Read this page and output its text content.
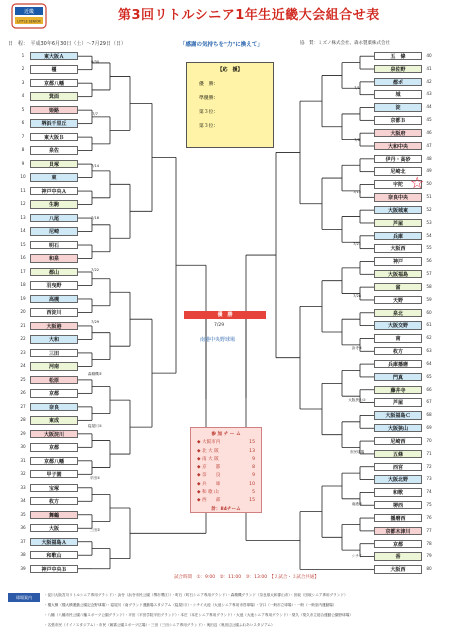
近畿
LITTLE SENIOR	第3回リトルシニア1年生近畿大会組合せ表
日　程：　平成30年6月30日（土）～7月29日（日）	「感謝の気持ちを"力"に換えて」	協　賛：ミズノ株式会社、森永製菓株式会社
東大阪Ａ
1
橿
2
京都八幡
3
箕面
4
姫路
5
堺浜千里丘
6
東大阪Ｂ
7
泉佐
8
貝塚
9
東
10
神戸中央Ａ
11
生駒
12
八尾
13
尼崎
14
明石
15
和泉
16
都山
17
羽曳野
18
高槻
19
西淀川
20
大阪港
21
大和
22
三田
23
河南
24
松原
25
京都
26
奈良
27
東成
28
大阪淀川
29
京都
30
京都八幡
31
甲子園
32
宝塚
33
枚方
34
舞鶴
35
大阪
36
大阪福島Ａ
37
和歌山
38
神戸中央Ｂ
39
五　條	40
泉佐野	41
都ポ	42
城	43
淀	44
京都Ｂ	45
大阪府	46
大和中央	47
伊丹・高砂	48
尼崎北	49
宇陀	50
奈良中央	51
大阪城東	52
芦屋	53
兵庫	54
大阪西	55
神戸	56
大阪福島	57
富	58
天野	59
泉北	60
大阪交野	61
南	62
枚方	63
兵庫播磨	64
門真	65
藤井寺	66
芦屋	67
大阪福島Ｃ	68
大阪狭山	69
尼崎西	70
五條	71
西宮	72
大阪北野	73
和歌	74
堺西	75
播磨西	76
京都木津川	77
京都	78
香	79
大阪西	80
☆
【応　援】
優　勝：
準優勝：
第３位：
第３位：
優　勝
7/29
南港中央野球場
参 加 チ ー ム
◆ 大阪市内	15
◆ 北 大 阪	13
◆ 南 大 阪	9
◆ 京　　都	8
◆ 奈　　良	9
◆ 兵　　庫	10
◆ 和 歌 山	5
◆ 西　　部	15
計：84チーム
試合時間　①：9:00　②：11:00　③：13:00　【２試合・３試合共通】
球場案内	・淀川大阪宮川リトルシニア専用グランド）・浜寺（浜寺市民公園（堺市堺区））・町石（町石シニア専用グランド）・森精機グランド（奈良県大和郡山市）・田坂（田坂シニア専用グランド）
・橿大横（橿大横運動公園記念野球場）・寝屋川（南グランド運動場スタジアム（寝屋川））・シチイ大池（大池シニア専用市営球場）・守口（一般市立球場）・一般（一般室内運動場）
・八幡（八幡市民公園八幡スポーツ公園グランド）・平田（平田学院平田グランド）・本庄（本庄シニア専用グランド）・大池（大池シニア専用グランド）・梨久（梨久市立総合運動公園野球場）
・名張市民（イイノスタジアム）・市民（朝霧公園スポーツ広場）・三田（三田シニア専用グランド）・奥田辺（奥田辺公園ふれあいスタジアム）
6/30
7/1
7/7
7/8
7/14
7/15
7/16
7/21
7/22
7/28
7/29
浜寺①
森精機②
大阪狭山①
寝屋川①
市民球場
平田①
南港②
三田②
シチイ
